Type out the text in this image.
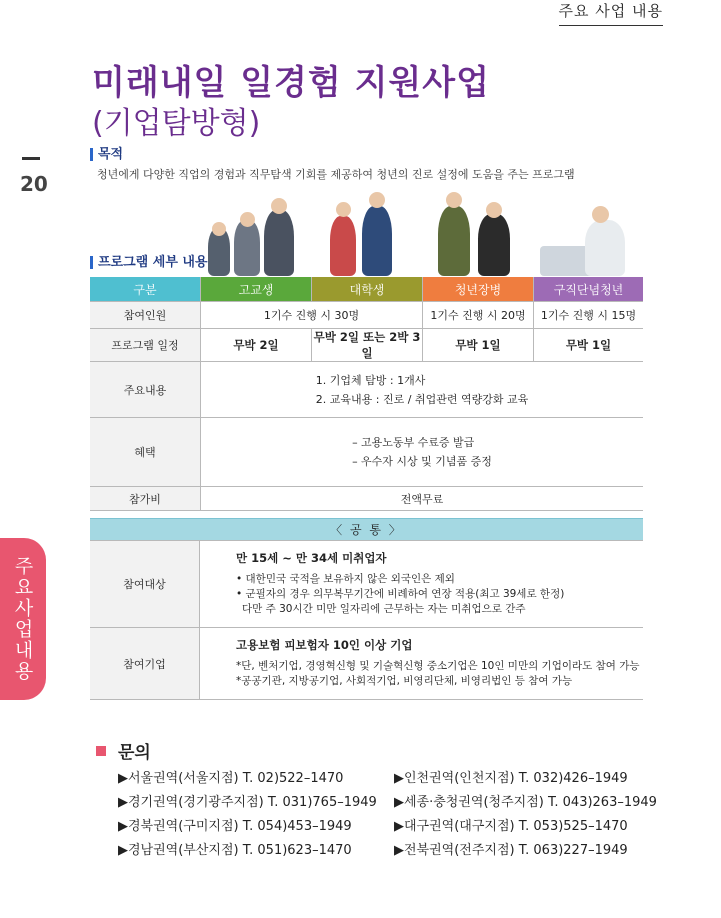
주요 사업 내용
20
주요사업내용
미래내일 일경험 지원사업
(기업탐방형)
목적
청년에게 다양한 직업의 경험과 직무탐색 기회를 제공하여 청년의 진로 설정에 도움을 주는 프로그램
프로그램 세부 내용
구분	고교생	대학생	청년장병	구직단념청년
참여인원	1기수 진행 시 30명		1기수 진행 시 20명	1기수 진행 시 15명
프로그램 일정	무박 2일	무박 2일 또는 2박 3일	무박 1일	무박 1일
주요내용	1. 기업체 탐방 : 1개사
2. 교육내용 : 진로 / 취업관련 역량강화 교육			
혜택	– 고용노동부 수료증 발급
– 우수자 시상 및 기념품 증정			
참가비	전액무료			
〈 공 통 〉	
참여대상	만 15세 ~ 만 34세 미취업자
• 대한민국 국적을 보유하지 않은 외국인은 제외
• 군필자의 경우 의무복무기간에 비례하여 연장 적용(최고 39세로 한정)
다만 주 30시간 미만 일자리에 근무하는 자는 미취업으로 간주

참여기업	고용보험 피보험자 10인 이상 기업
*단, 벤처기업, 경영혁신형 및 기술혁신형 중소기업은 10인 미만의 기업이라도 참여 가능
*공공기관, 지방공기업, 사회적기업, 비영리단체, 비영리법인 등 참여 가능
문의
▶서울권역(서울지점) T. 02)522–1470	▶인천권역(인천지점) T. 032)426–1949
▶경기권역(경기광주지점) T. 031)765–1949 ▶세종·충청권역(청주지점) T. 043)263–1949
▶경북권역(구미지점) T. 054)453–1949	▶대구권역(대구지점) T. 053)525–1470
▶경남권역(부산지점) T. 051)623–1470	▶전북권역(전주지점) T. 063)227–1949
